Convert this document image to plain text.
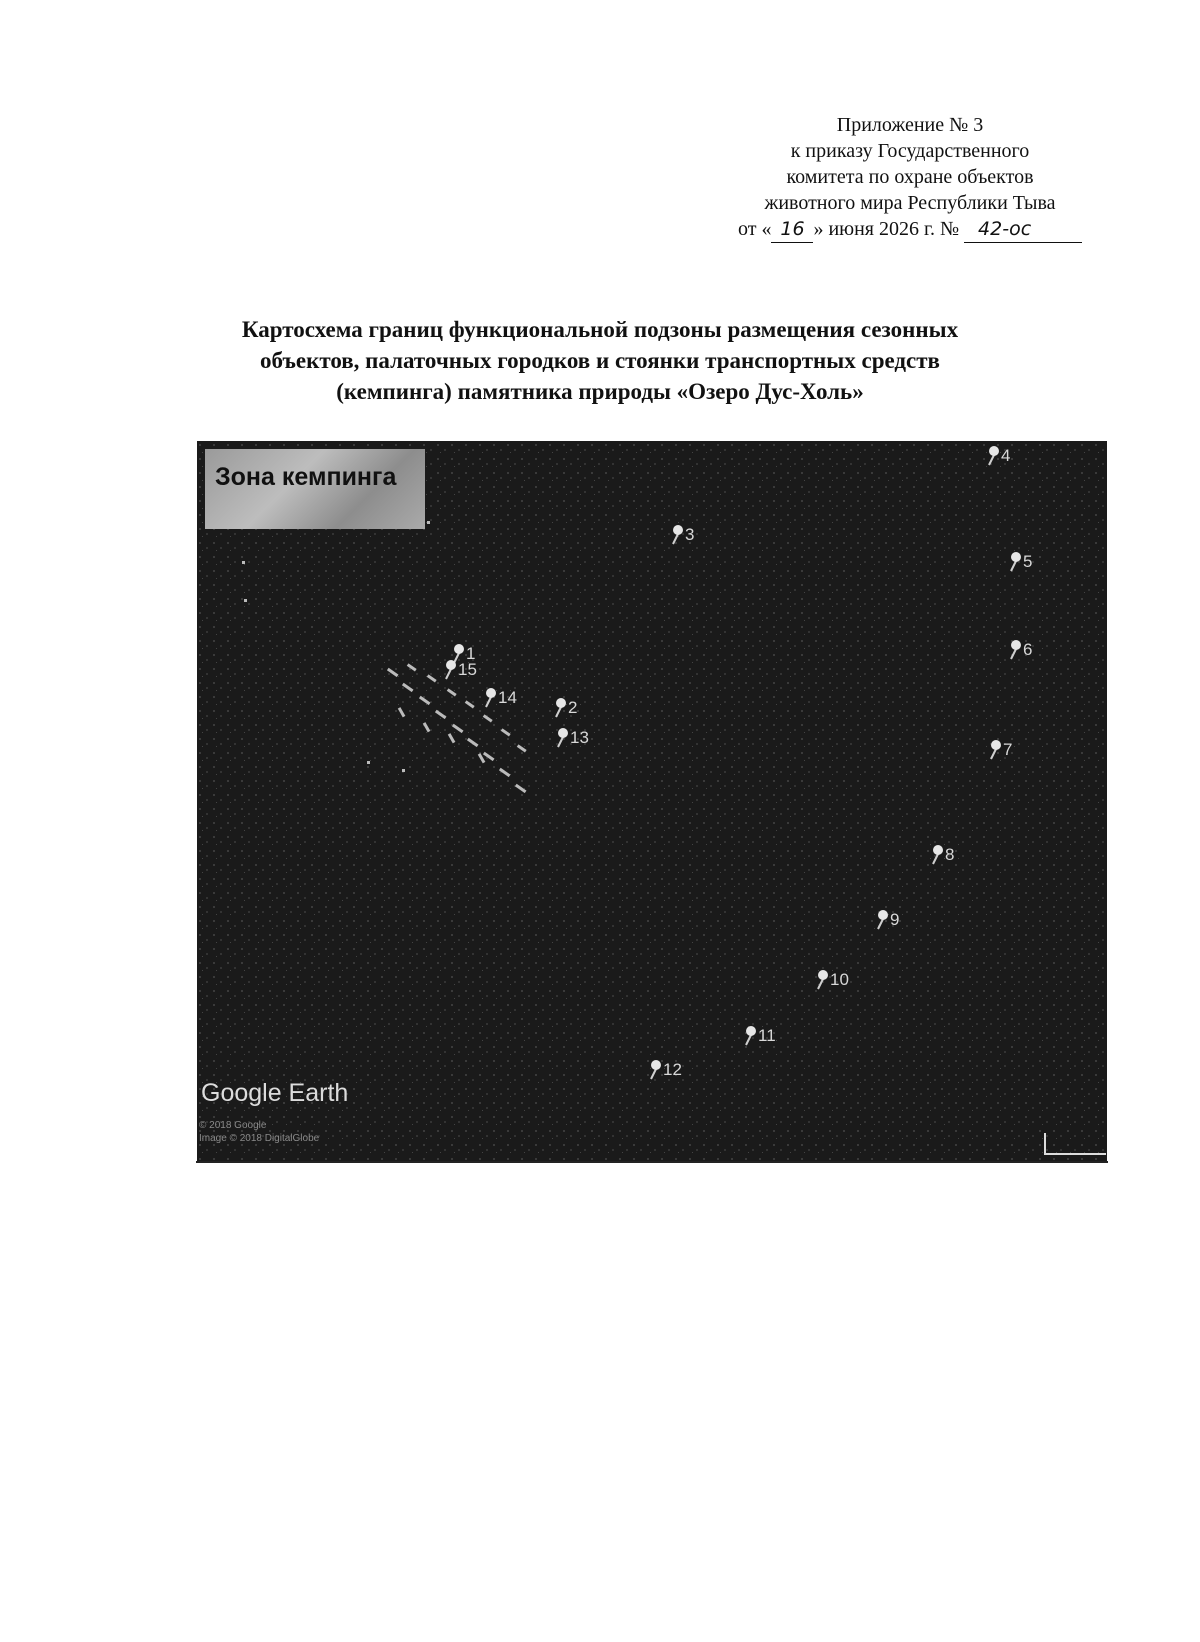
Приложение № 3
к приказу Государственного
комитета по охране объектов
животного мира Республики Тыва
от « 16 » июня 2026 г. № 42-ос
Картосхема границ функциональной подзоны размещения сезонных
объектов, палаточных городков и стоянки транспортных средств
(кемпинга) памятника природы «Озеро Дус-Холь»
1
2
3
4
5
6
7
8
9
10
11
12
13
14
15
Зона кемпинга
Google Earth
© 2018 Google
Image © 2018 DigitalGlobe
